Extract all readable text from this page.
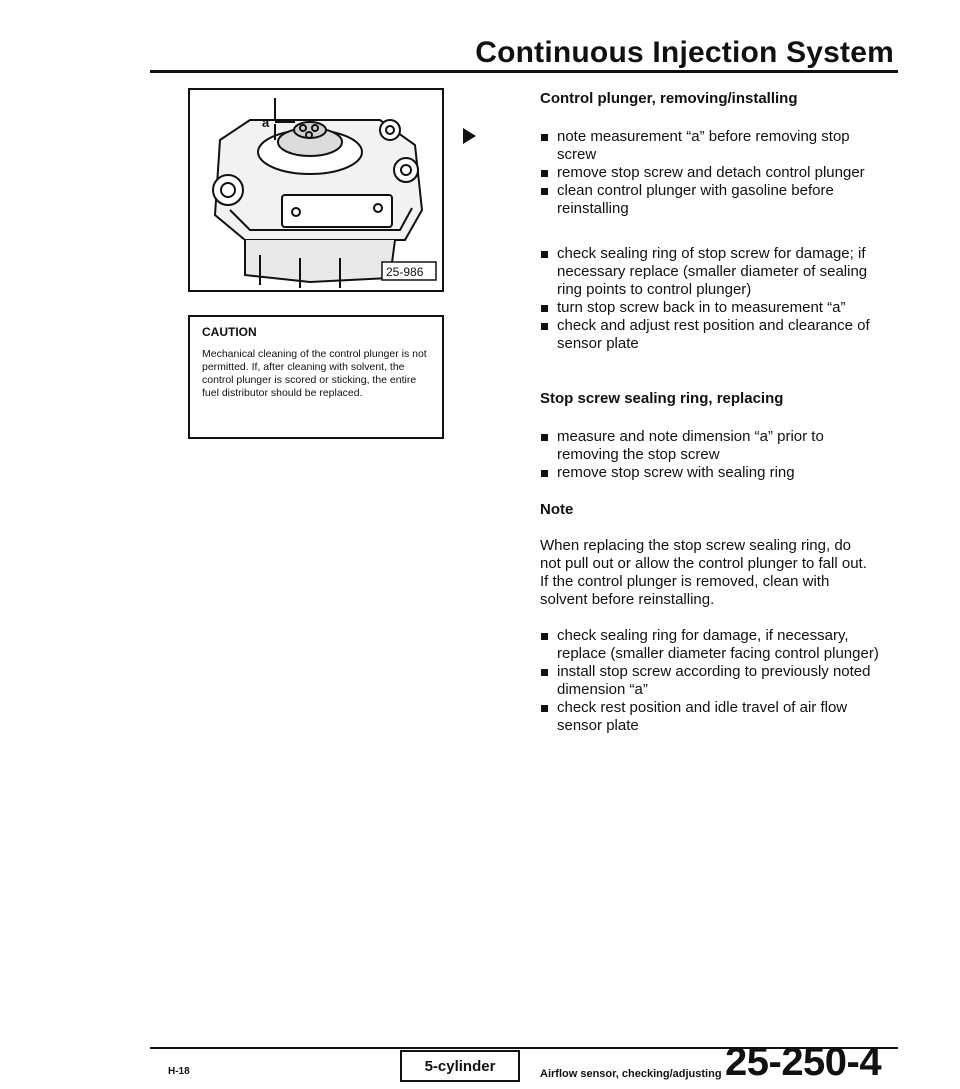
Continuous Injection System
a
25-986
CAUTION
Mechanical cleaning of the control plunger is not permitted. If, after cleaning with solvent, the control plunger is scored or sticking, the entire fuel distributor should be replaced.
Control plunger, removing/installing
note measurement “a” before removing stop screw
remove stop screw and detach control plunger
clean control plunger with gasoline before reinstalling
check sealing ring of stop screw for damage; if necessary replace (smaller diameter of sealing ring points to control plunger)
turn stop screw back in to measurement “a”
check and adjust rest position and clearance of sensor plate
Stop screw sealing ring, replacing
measure and note dimension “a” prior to removing the stop screw
remove stop screw with sealing ring
Note
When replacing the stop screw sealing ring, do not pull out or allow the control plunger to fall out. If the control plunger is removed, clean with solvent before reinstalling.
check sealing ring for damage, if necessary, replace (smaller diameter facing control plunger)
install stop screw according to previously noted dimension “a”
check rest position and idle travel of air flow sensor plate
H-18	5-cylinder	Airflow sensor, checking/adjusting 25-250-4
